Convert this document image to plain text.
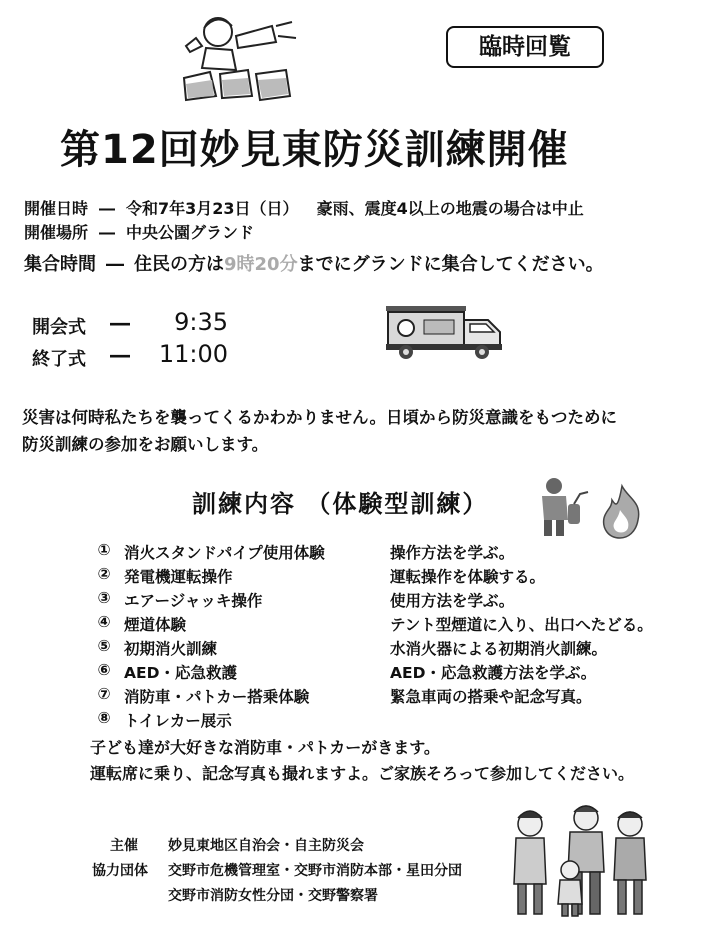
臨時回覧
第12回妙見東防災訓練開催
開催日時 ― 令和7年3月23日（日） 豪雨、震度4以上の地震の場合は中止
開催場所 ― 中央公園グランド
集合時間 ― 住民の方は9時20分までにグランドに集合してください。
開会式 ―	9:35
終了式 ―	11:00
災害は何時私たちを襲ってくるかわかりません。日頃から防災意識をもつために
防災訓練の参加をお願いします。
訓練内容 （体験型訓練）
① 消火スタンドパイプ使用体験	操作方法を学ぶ。
② 発電機運転操作	運転操作を体験する。
③ エアージャッキ操作	使用方法を学ぶ。
④ 煙道体験	テント型煙道に入り、出口へたどる。
⑤ 初期消火訓練	水消火器による初期消火訓練。
⑥ AED・応急救護	AED・応急救護方法を学ぶ。
⑦ 消防車・パトカー搭乗体験	緊急車両の搭乗や記念写真。
⑧ トイレカー展示
子ども達が大好きな消防車・パトカーがきます。
運転席に乗り、記念写真も撮れますよ。ご家族そろって参加してください。
主催 妙見東地区自治会・自主防災会
協力団体 交野市危機管理室・交野市消防本部・星田分団
交野市消防女性分団・交野警察署
